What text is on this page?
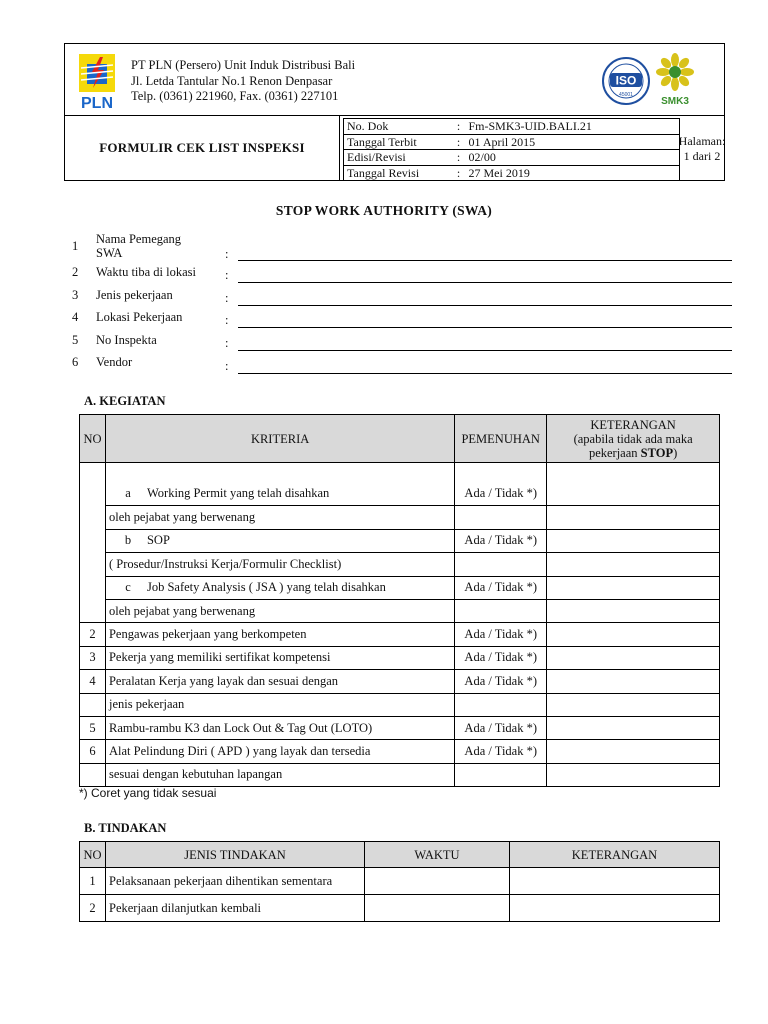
PLN
PT PLN (Persero) Unit Induk Distribusi Bali
Jl. Letda Tantular No.1 Renon Denpasar
Telp. (0361) 221960, Fax. (0361) 227101
ISO
45001
SMK3
FORMULIR CEK LIST INSPEKSI
No. Dok	:	Fm-SMK3-UID.BALI.21
Tanggal Terbit	:	01 April 2015
Edisi/Revisi	:	02/00
Tanggal Revisi	:	27 Mei 2019
Halaman:
1 dari 2
STOP WORK AUTHORITY (SWA)
1	Nama Pemegang
SWA	:
2	Waktu tiba di lokasi :
3	Jenis pekerjaan	:
4	Lokasi Pekerjaan	:
5	No Inspekta	:
6	Vendor	:
A. KEGIATAN
NO	KRITERIA	PEMENUHAN	KETERANGAN
(apabila tidak ada maka
pekerjaan STOP)

	a Working Permit yang telah disahkan	Ada / Tidak *)	
	oleh pejabat yang berwenang		
	b SOP	Ada / Tidak *)	
	( Prosedur/Instruksi Kerja/Formulir Checklist)		
	c Job Safety Analysis ( JSA ) yang telah disahkan	Ada / Tidak *)	
	oleh pejabat yang berwenang		
2	Pengawas pekerjaan yang berkompeten	Ada / Tidak *)	
3	Pekerja yang memiliki sertifikat kompetensi	Ada / Tidak *)	
4	Peralatan Kerja yang layak dan sesuai dengan	Ada / Tidak *)	
	jenis pekerjaan		
5	Rambu-rambu K3 dan Lock Out & Tag Out (LOTO)	Ada / Tidak *)	
6	Alat Pelindung Diri ( APD ) yang layak dan tersedia	Ada / Tidak *)	
	sesuai dengan kebutuhan lapangan		
*) Coret yang tidak sesuai
B. TINDAKAN
NO	JENIS TINDAKAN	WAKTU	KETERANGAN
1	Pelaksanaan pekerjaan dihentikan sementara		
2	Pekerjaan dilanjutkan kembali		
